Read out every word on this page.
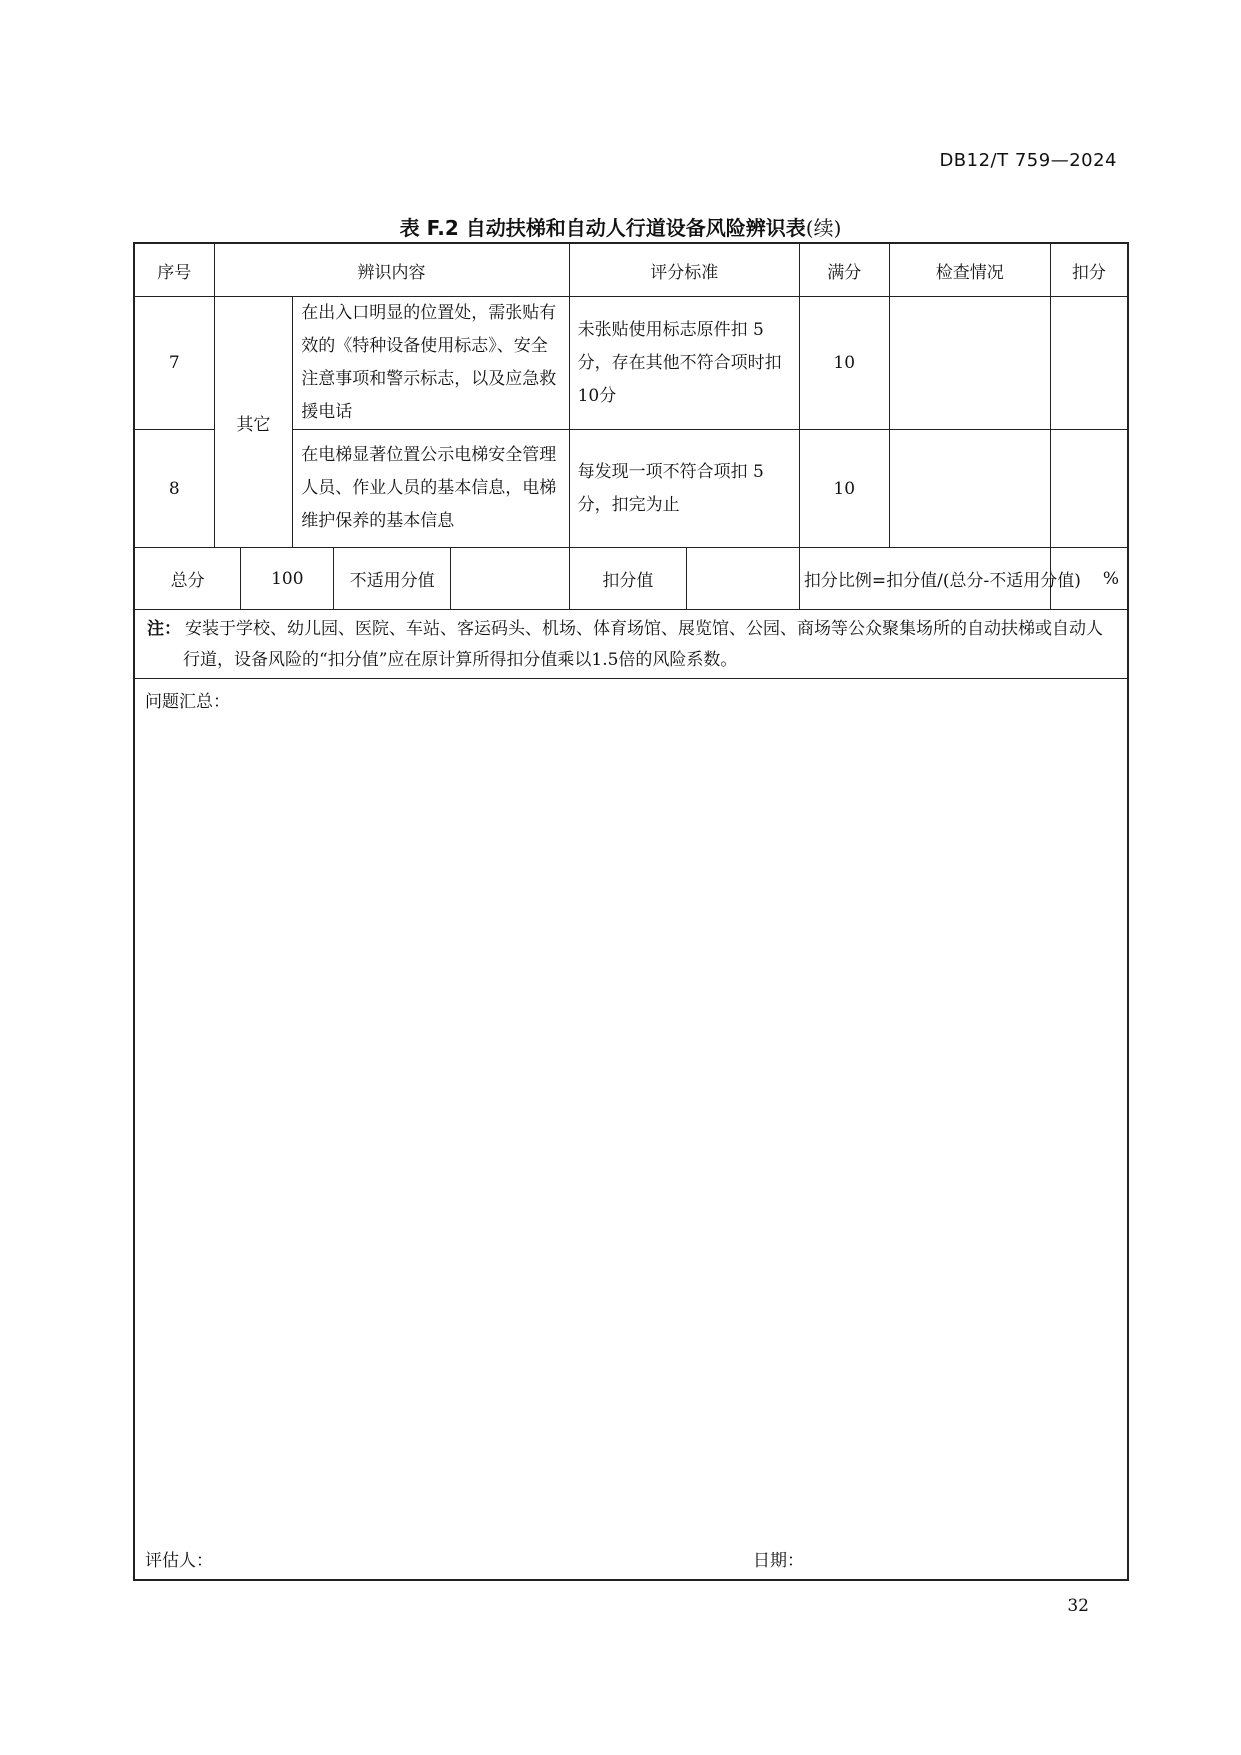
DB12/T 759—2024
表 F.2 自动扶梯和自动人行道设备风险辨识表(续)
序号	辨识内容					评分标准		满分	检查情况	扣分
7	其它		在出入口明显的位置处，需张贴有效的《特种设备使用标志》、安全注意事项和警示标志，以及应急救援电话			未张贴使用标志原件扣 5 分，存在其他不符合项时扣10分		10		
8			在电梯显著位置公示电梯安全管理人员、作业人员的基本信息，电梯维护保养的基本信息			每发现一项不符合项扣 5 分，扣完为止		10		
总分		100		不适用分值		扣分值		扣分比例=扣分值/(总分-不适用分值)		%

注： 安装于学校、幼儿园、医院、车站、客运码头、机场、体育场馆、展览馆、公园、商场等公众聚集场所的自动扶梯或自动人行道，设备风险的“扣分值”应在原计算所得扣分值乘以1.5倍的风险系数。										

问题汇总：
评估人： 日期：										
32
